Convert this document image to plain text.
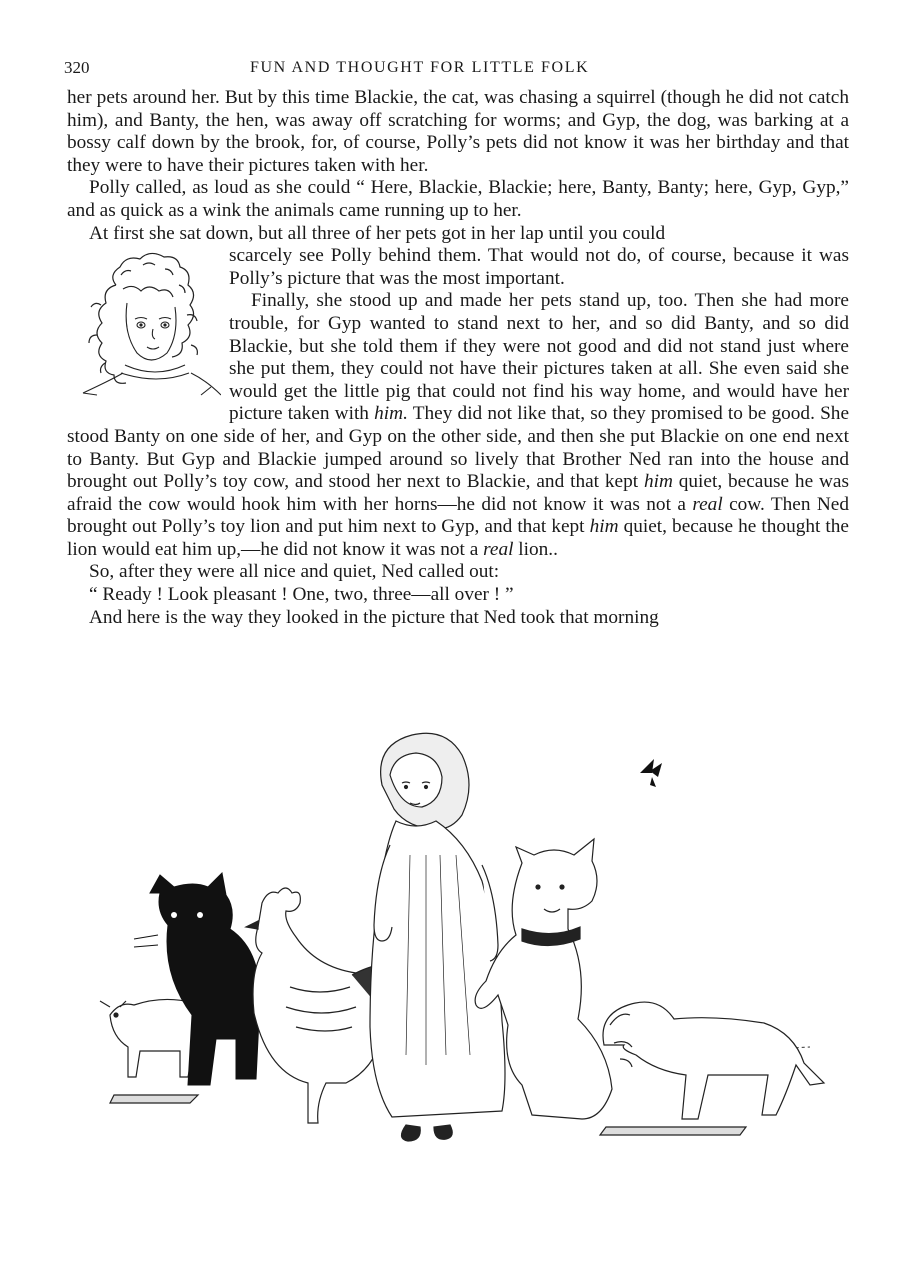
320	FUN AND THOUGHT FOR LITTLE FOLK

her pets around her. But by this time Blackie, the cat, was chasing a squirrel (though he did not catch him), and Banty, the hen, was away off scratching for worms; and Gyp, the dog, was barking at a bossy calf down by the brook, for, of course, Polly’s pets did not know it was her birthday and that they were to have their pictures taken with her.

Polly called, as loud as she could “ Here, Blackie, Blackie; here, Banty, Banty; here, Gyp, Gyp,” and as quick as a wink the animals came running up to her.

At first she sat down, but all three of her pets got in her lap until you could

scarcely see Polly behind them. That would not do, of course, because it was Polly’s picture that was the most important.

Finally, she stood up and made her pets stand up, too. Then she had more trouble, for Gyp wanted to stand next to her, and so did Banty, and so did Blackie, but she told them if they were not good and did not stand just where she put them, they could not have their pictures taken at all. She even said she would get the little pig that could not find his way home, and would have her picture taken with him. They did not like that, so they promised to be good. She stood Banty on one side of her, and Gyp on the other side, and then she put Blackie on one end next to Banty. But Gyp and Blackie jumped around so lively that Brother Ned ran into the house and brought out Polly’s toy cow, and stood her next to Blackie, and that kept him quiet, because he was afraid the cow would hook him with her horns—he did not know it was not a real cow. Then Ned brought out Polly’s toy lion and put him next to Gyp, and that kept him quiet, because he thought the lion would eat him up,—he did not know it was not a real lion..

So, after they were all nice and quiet, Ned called out:

“ Ready ! Look pleasant ! One, two, three—all over ! ”

And here is the way they looked in the picture that Ned took that morning
